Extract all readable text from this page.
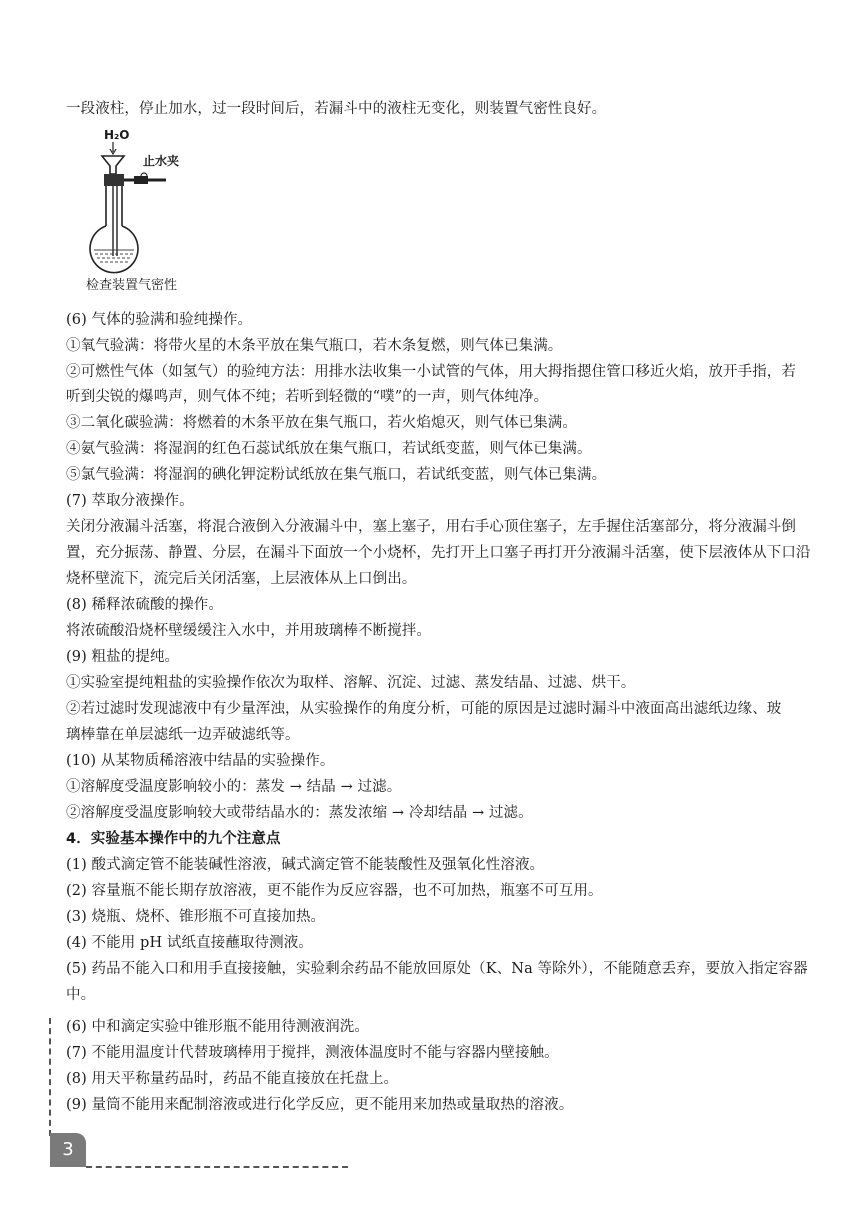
一段液柱，停止加水，过一段时间后，若漏斗中的液柱无变化，则装置气密性良好。
H₂O
止水夹
检查装置气密性
(6) 气体的验满和验纯操作。
①氧气验满：将带火星的木条平放在集气瓶口，若木条复燃，则气体已集满。
②可燃性气体（如氢气）的验纯方法：用排水法收集一小试管的气体，用大拇指摁住管口移近火焰，放开手指，若
听到尖锐的爆鸣声，则气体不纯；若听到轻微的“噗”的一声，则气体纯净。
③二氧化碳验满：将燃着的木条平放在集气瓶口，若火焰熄灭，则气体已集满。
④氨气验满：将湿润的红色石蕊试纸放在集气瓶口，若试纸变蓝，则气体已集满。
⑤氯气验满：将湿润的碘化钾淀粉试纸放在集气瓶口，若试纸变蓝，则气体已集满。
(7) 萃取分液操作。
关闭分液漏斗活塞，将混合液倒入分液漏斗中，塞上塞子，用右手心顶住塞子，左手握住活塞部分，将分液漏斗倒
置，充分振荡、静置、分层，在漏斗下面放一个小烧杯，先打开上口塞子再打开分液漏斗活塞，使下层液体从下口沿
烧杯壁流下，流完后关闭活塞，上层液体从上口倒出。
(8) 稀释浓硫酸的操作。
将浓硫酸沿烧杯壁缓缓注入水中，并用玻璃棒不断搅拌。
(9) 粗盐的提纯。
①实验室提纯粗盐的实验操作依次为取样、溶解、沉淀、过滤、蒸发结晶、过滤、烘干。
②若过滤时发现滤液中有少量浑浊，从实验操作的角度分析，可能的原因是过滤时漏斗中液面高出滤纸边缘、玻
璃棒靠在单层滤纸一边弄破滤纸等。
(10) 从某物质稀溶液中结晶的实验操作。
①溶解度受温度影响较小的：蒸发 → 结晶 → 过滤。
②溶解度受温度影响较大或带结晶水的：蒸发浓缩 → 冷却结晶 → 过滤。
4．实验基本操作中的九个注意点
(1) 酸式滴定管不能装碱性溶液，碱式滴定管不能装酸性及强氧化性溶液。
(2) 容量瓶不能长期存放溶液，更不能作为反应容器，也不可加热，瓶塞不可互用。
(3) 烧瓶、烧杯、锥形瓶不可直接加热。
(4) 不能用 pH 试纸直接蘸取待测液。
(5) 药品不能入口和用手直接接触，实验剩余药品不能放回原处（K、Na 等除外），不能随意丢弃，要放入指定容器
中。
(6) 中和滴定实验中锥形瓶不能用待测液润洗。
(7) 不能用温度计代替玻璃棒用于搅拌，测液体温度时不能与容器内壁接触。
(8) 用天平称量药品时，药品不能直接放在托盘上。
(9) 量筒不能用来配制溶液或进行化学反应，更不能用来加热或量取热的溶液。
3
